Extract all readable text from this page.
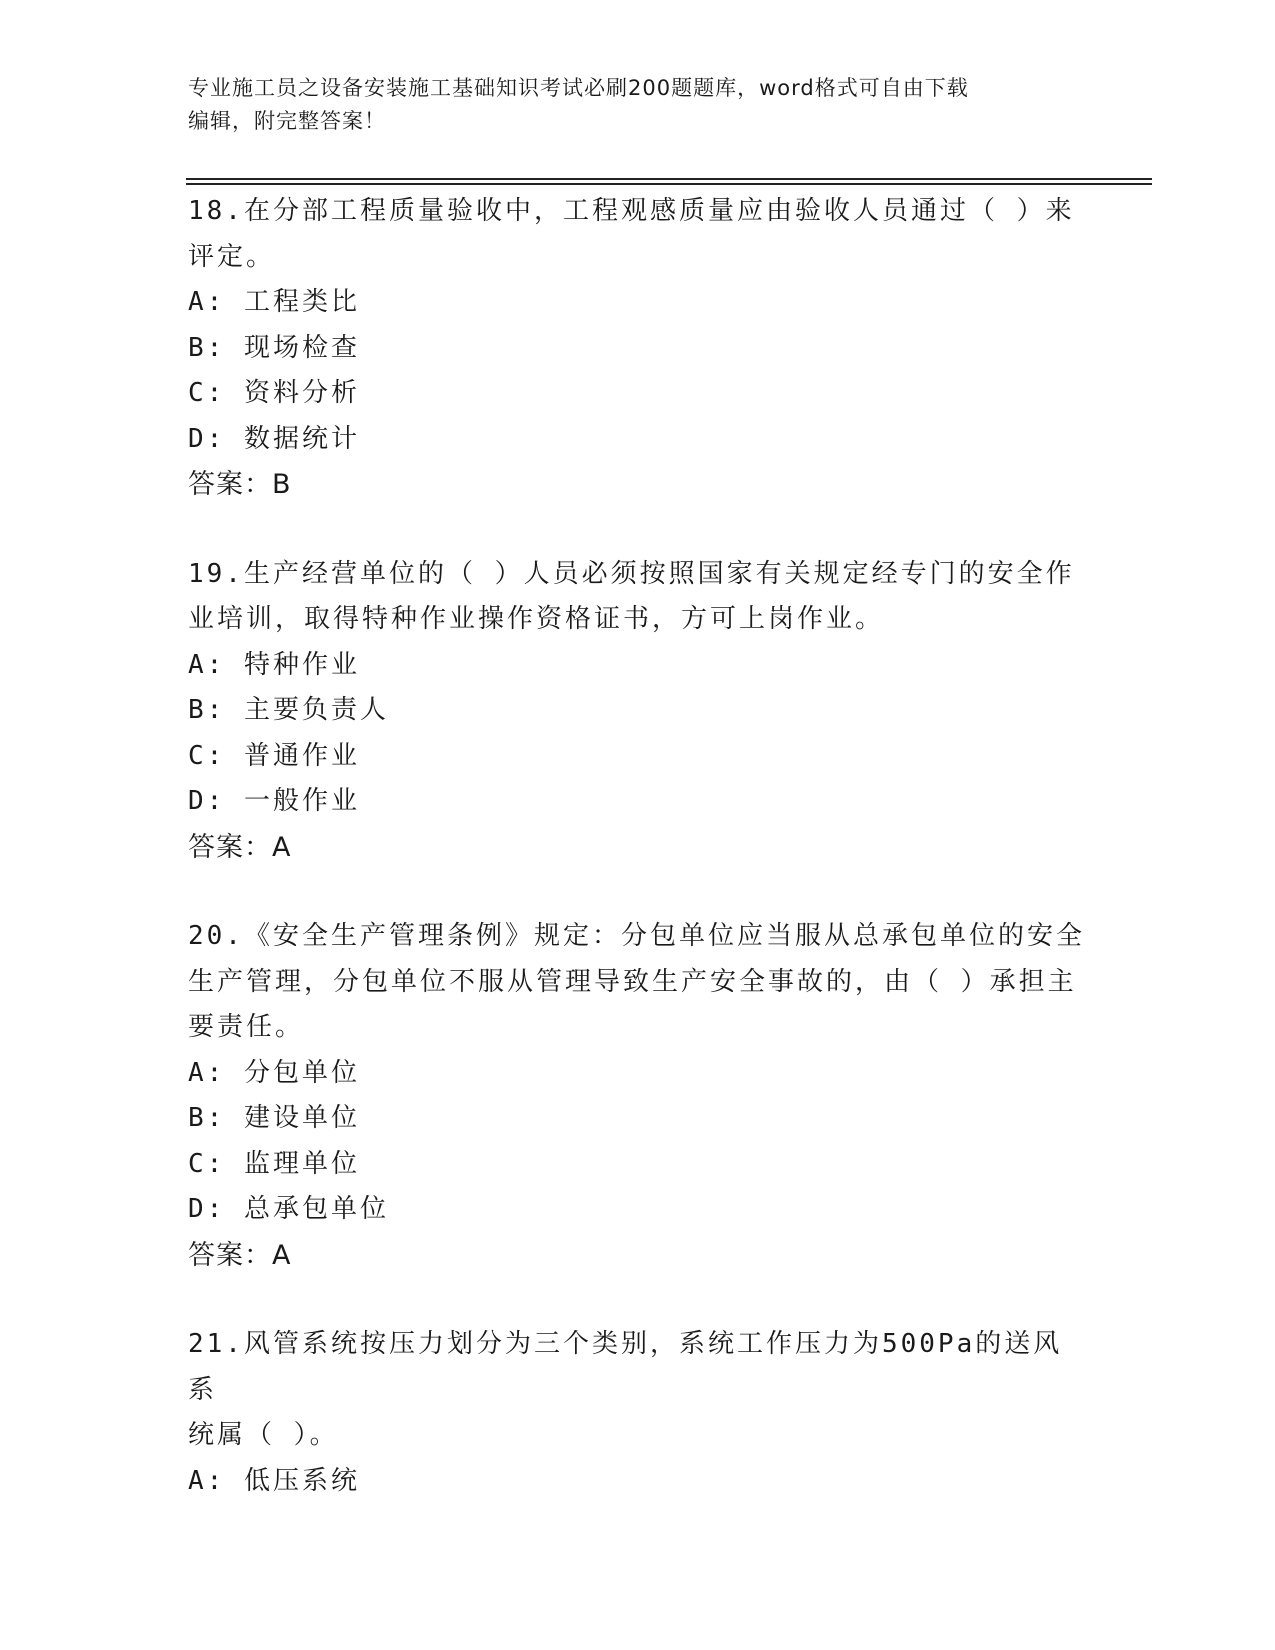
专业施工员之设备安装施工基础知识考试必刷200题题库，word格式可自由下载
编辑，附完整答案！
18.在分部工程质量验收中，工程观感质量应由验收人员通过（ ）来
评定。
A: 工程类比
B: 现场检查
C: 资料分析
D: 数据统计
答案：B
19.生产经营单位的（ ）人员必须按照国家有关规定经专门的安全作
业培训，取得特种作业操作资格证书，方可上岗作业。
A: 特种作业
B: 主要负责人
C: 普通作业
D: 一般作业
答案：A
20.《安全生产管理条例》规定：分包单位应当服从总承包单位的安全
生产管理，分包单位不服从管理导致生产安全事故的，由（ ）承担主
要责任。
A: 分包单位
B: 建设单位
C: 监理单位
D: 总承包单位
答案：A
21.风管系统按压力划分为三个类别，系统工作压力为500Pa的送风系
统属（ ）。
A: 低压系统
